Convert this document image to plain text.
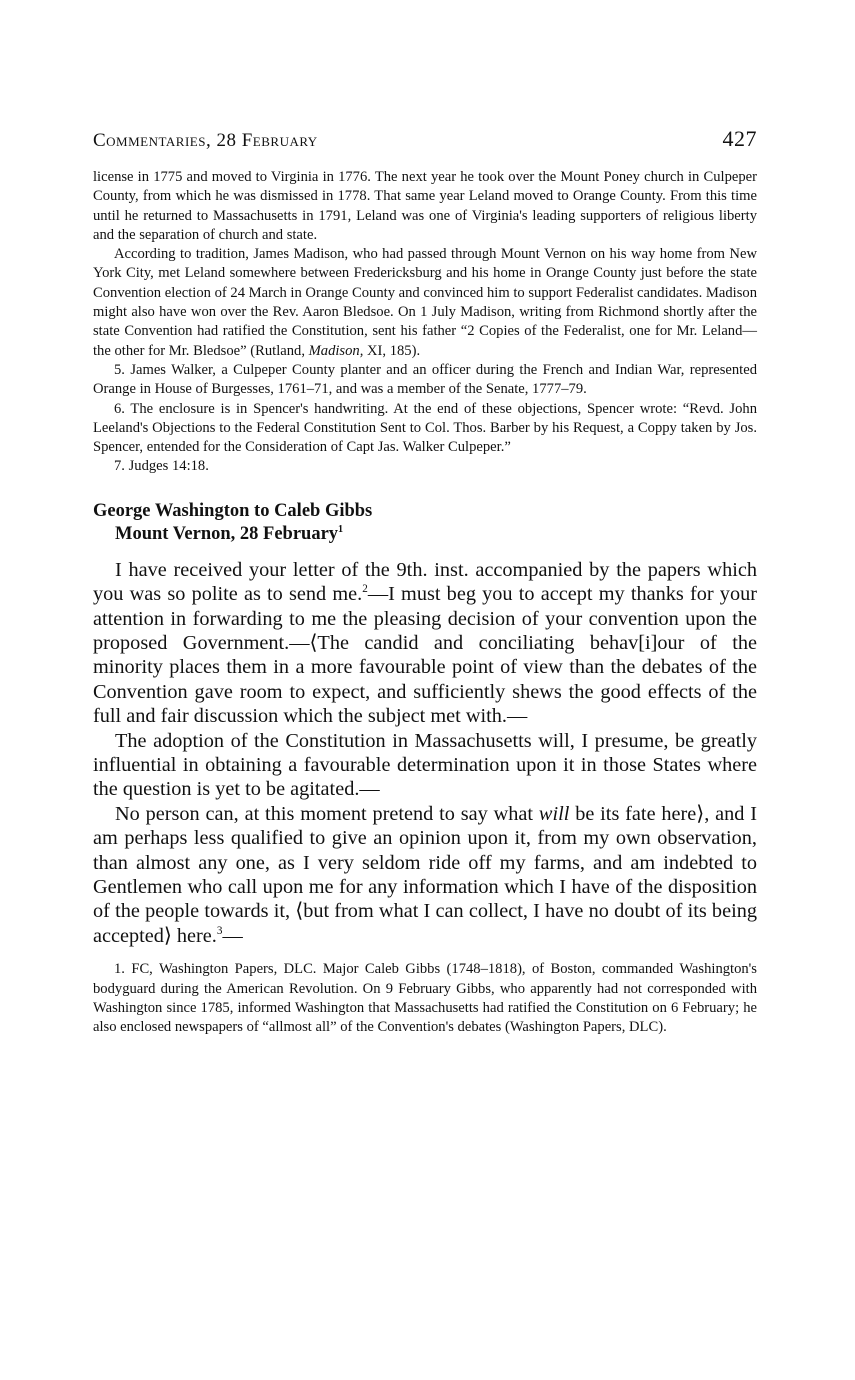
Commentaries, 28 February	427

license in 1775 and moved to Virginia in 1776. The next year he took over the Mount Poney church in Culpeper County, from which he was dismissed in 1778. That same year Leland moved to Orange County. From this time until he returned to Massachusetts in 1791, Leland was one of Virginia's leading supporters of religious liberty and the separation of church and state.

According to tradition, James Madison, who had passed through Mount Vernon on his way home from New York City, met Leland somewhere between Fredericksburg and his home in Orange County just before the state Convention election of 24 March in Orange County and convinced him to support Federalist candidates. Madison might also have won over the Rev. Aaron Bledsoe. On 1 July Madison, writing from Richmond shortly after the state Convention had ratified the Constitution, sent his father “2 Copies of the Federalist, one for Mr. Leland—the other for Mr. Bledsoe” (Rutland, Madison, XI, 185).

5. James Walker, a Culpeper County planter and an officer during the French and Indian War, represented Orange in House of Burgesses, 1761–71, and was a member of the Senate, 1777–79.

6. The enclosure is in Spencer's handwriting. At the end of these objections, Spencer wrote: “Revd. John Leeland's Objections to the Federal Constitution Sent to Col. Thos. Barber by his Request, a Coppy taken by Jos. Spencer, entended for the Consideration of Capt Jas. Walker Culpeper.”

7. Judges 14:18.

George Washington to Caleb Gibbs
Mount Vernon, 28 February$^1$

I have received your letter of the 9th. inst. accompanied by the papers which you was so polite as to send me.$^2$—I must beg you to accept my thanks for your attention in forwarding to me the pleasing decision of your convention upon the proposed Government.—⟨The candid and conciliating behav[i]our of the minority places them in a more favourable point of view than the debates of the Convention gave room to expect, and sufficiently shews the good effects of the full and fair discussion which the subject met with.—

The adoption of the Constitution in Massachusetts will, I presume, be greatly influential in obtaining a favourable determination upon it in those States where the question is yet to be agitated.—

No person can, at this moment pretend to say what will be its fate here⟩, and I am perhaps less qualified to give an opinion upon it, from my own observation, than almost any one, as I very seldom ride off my farms, and am indebted to Gentlemen who call upon me for any information which I have of the disposition of the people towards it, ⟨but from what I can collect, I have no doubt of its being accepted⟩ here.$^3$—

1. FC, Washington Papers, DLC. Major Caleb Gibbs (1748–1818), of Boston, commanded Washington's bodyguard during the American Revolution. On 9 February Gibbs, who apparently had not corresponded with Washington since 1785, informed Washington that Massachusetts had ratified the Constitution on 6 February; he also enclosed newspapers of “allmost all” of the Convention's debates (Washington Papers, DLC).
